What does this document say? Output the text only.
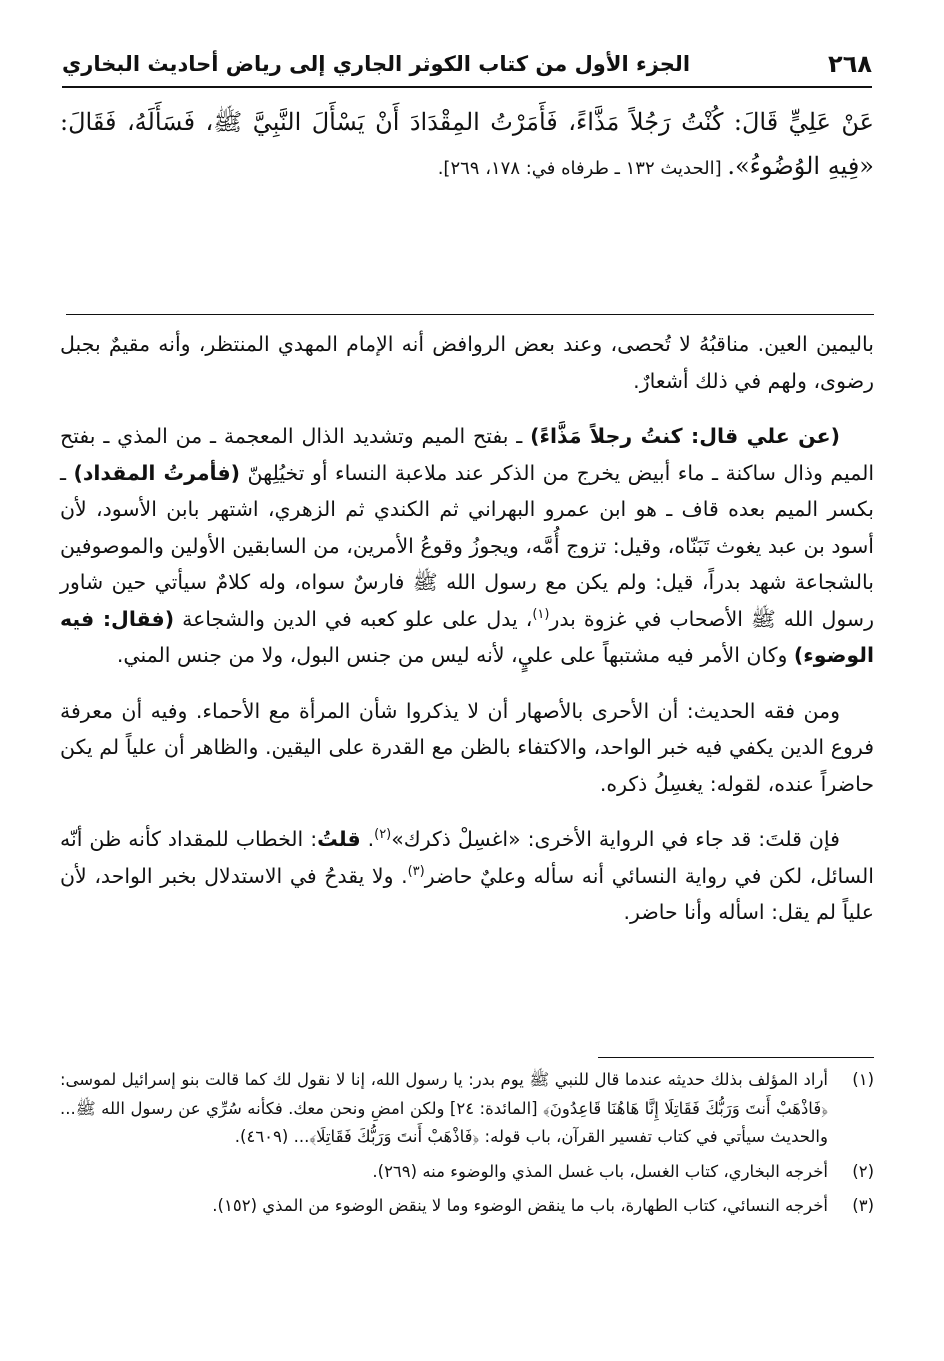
٢٦٨
الجزء الأول من كتاب الكوثر الجاري إلى رياض أحاديث البخاري
عَنْ عَلِيٍّ قَالَ: كُنْتُ رَجُلاً مَذَّاءً، فَأَمَرْتُ المِقْدَادَ أَنْ يَسْأَلَ النَّبِيَّ ﷺ، فَسَأَلَهُ، فَقَالَ: «فِيهِ الوُضُوءُ». [الحديث ١٣٢ ـ طرفاه في: ١٧٨، ٢٦٩].

باليمين العين. مناقبُهُ لا تُحصى، وعند بعض الروافض أنه الإمام المهدي المنتظر، وأنه مقيمٌ بجبل رضوى، ولهم في ذلك أشعارٌ.

(عن علي قال: كنتُ رجلاً مَذَّاءً) ـ بفتح الميم وتشديد الذال المعجمة ـ من المذي ـ بفتح الميم وذال ساكنة ـ ماء أبيض يخرج من الذكر عند ملاعبة النساء أو تخيُلِهنّ (فأمرتُ المقداد) ـ بكسر الميم بعده قاف ـ هو ابن عمرو البهراني ثم الكندي ثم الزهري، اشتهر بابن الأسود، لأن أسود بن عبد يغوث تَبَنّاه، وقيل: تزوج أُمَّه، ويجوزُ وقوعُ الأمرين، من السابقين الأولين والموصوفين بالشجاعة شهد بدراً، قيل: ولم يكن مع رسول الله ﷺ فارسٌ سواه، وله كلامٌ سيأتي حين شاور رسول الله ﷺ الأصحاب في غزوة بدر$^{(١)}$، يدل على علو كعبه في الدين والشجاعة (فقال: فيه الوضوء) وكان الأمر فيه مشتبهاً على عليٍ، لأنه ليس من جنس البول، ولا من جنس المني.

ومن فقه الحديث: أن الأحرى بالأصهار أن لا يذكروا شأن المرأة مع الأحماء. وفيه أن معرفة فروع الدين يكفي فيه خبر الواحد، والاكتفاء بالظن مع القدرة على اليقين. والظاهر أن علياً لم يكن حاضراً عنده، لقوله: يغسِلُ ذكره.

فإن قلتَ: قد جاء في الرواية الأخرى: «اغسِلْ ذكرك»$^{(٢)}$. قلتُ: الخطاب للمقداد كأنه ظن أنّه السائل، لكن في رواية النسائي أنه سأله وعليٌ حاضر$^{(٣)}$. ولا يقدحُ في الاستدلال بخبر الواحد، لأن علياً لم يقل: اسأله وأنا حاضر.

(١)
أراد المؤلف بذلك حديثه عندما قال للنبي ﷺ يوم بدر: يا رسول الله، إنا لا نقول لك كما قالت بنو إسرائيل لموسى: ﴿فَاذْهَبْ أَنتَ وَرَبُّكَ فَقَاتِلَا إِنَّا هَاهُنَا قَاعِدُونَ﴾ [المائدة: ٢٤] ولكن امضِ ونحن معك. فكأنه سُرِّي عن رسول الله ﷺ... والحديث سيأتي في كتاب تفسير القرآن، باب قوله: ﴿فَاذْهَبْ أَنتَ وَرَبُّكَ فَقَاتِلَا﴾... (٤٦٠٩).
(٢)
أخرجه البخاري، كتاب الغسل، باب غسل المذي والوضوء منه (٢٦٩).
(٣)
أخرجه النسائي، كتاب الطهارة، باب ما ينقض الوضوء وما لا ينقض الوضوء من المذي (١٥٢).
